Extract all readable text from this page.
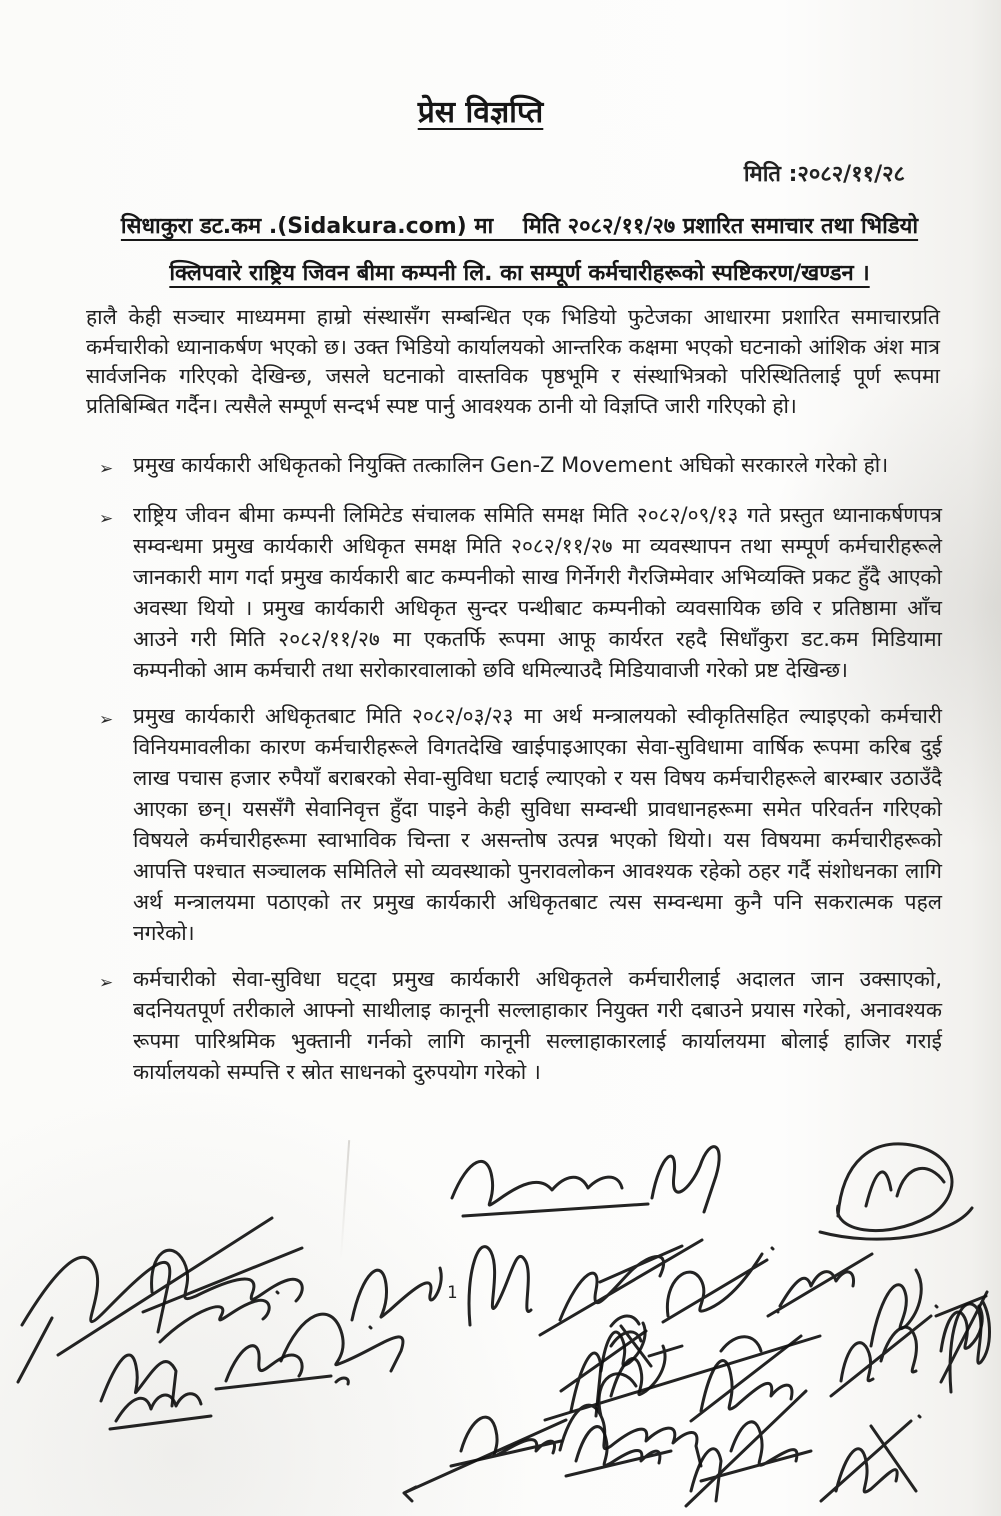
प्रेस विज्ञप्ति
मिति :२०८२/११/२८
सिधाकुरा डट.कम .(Sidakura.com) मा  मिति २०८२/११/२७ प्रशारित समाचार तथा भिडियो
क्लिपवारे राष्ट्रिय जिवन बीमा कम्पनी लि. का सम्पूर्ण कर्मचारीहरूको स्पष्टिकरण/खण्डन ।

हालै केही सञ्चार माध्यममा हाम्रो संस्थासँग सम्बन्धित एक भिडियो फुटेजका आधारमा प्रशारित समाचारप्रति कर्मचारीको ध्यानाकर्षण भएको छ। उक्त भिडियो कार्यालयको आन्तरिक कक्षमा भएको घटनाको आंशिक अंश मात्र सार्वजनिक गरिएको देखिन्छ, जसले घटनाको वास्तविक पृष्ठभूमि र संस्थाभित्रको परिस्थितिलाई पूर्ण रूपमा प्रतिबिम्बित गर्दैन। त्यसैले सम्पूर्ण सन्दर्भ स्पष्ट पार्नु आवश्यक ठानी यो विज्ञप्ति जारी गरिएको हो।

➢ प्रमुख कार्यकारी अधिकृतको नियुक्ति तत्कालिन Gen-Z Movement अघिको सरकारले गरेको हो।
➢ राष्ट्रिय जीवन बीमा कम्पनी लिमिटेड संचालक समिति समक्ष मिति २०८२/०९/१३ गते प्रस्तुत ध्यानाकर्षणपत्र सम्वन्धमा प्रमुख कार्यकारी अधिकृत समक्ष मिति २०८२/११/२७ मा व्यवस्थापन तथा सम्पूर्ण कर्मचारीहरूले जानकारी माग गर्दा प्रमुख कार्यकारी बाट कम्पनीको साख गिर्नेगरी गैरजिम्मेवार अभिव्यक्ति प्रकट हुँदै आएको अवस्था थियो । प्रमुख कार्यकारी अधिकृत सुन्दर पन्थीबाट कम्पनीको व्यवसायिक छवि र प्रतिष्ठामा आँच आउने गरी मिति २०८२/११/२७ मा एकतर्फि रूपमा आफू कार्यरत रहदै सिधाँकुरा डट.कम मिडियामा कम्पनीको आम कर्मचारी तथा सरोकारवालाको छवि धमिल्याउदै मिडियावाजी गरेको प्रष्ट देखिन्छ।
➢ प्रमुख कार्यकारी अधिकृतबाट मिति २०८२/०३/२३ मा अर्थ मन्त्रालयको स्वीकृतिसहित ल्याइएको कर्मचारी विनियमावलीका कारण कर्मचारीहरूले विगतदेखि खाईपाइआएका सेवा-सुविधामा वार्षिक रूपमा करिब दुई लाख पचास हजार रुपैयाँ बराबरको सेवा-सुविधा घटाई ल्याएको र यस विषय कर्मचारीहरूले बारम्बार उठाउँदै आएका छन्। यससँगै सेवानिवृत्त हुँदा पाइने केही सुविधा सम्वन्धी प्रावधानहरूमा समेत परिवर्तन गरिएको विषयले कर्मचारीहरूमा स्वाभाविक चिन्ता र असन्तोष उत्पन्न भएको थियो। यस विषयमा कर्मचारीहरूको आपत्ति पश्चात सञ्चालक समितिले सो व्यवस्थाको पुनरावलोकन आवश्यक रहेको ठहर गर्दै संशोधनका लागि अर्थ मन्त्रालयमा पठाएको तर प्रमुख कार्यकारी अधिकृतबाट त्यस सम्वन्धमा कुनै पनि सकरात्मक पहल नगरेको।
➢ कर्मचारीको सेवा-सुविधा घट्दा प्रमुख कार्यकारी अधिकृतले कर्मचारीलाई अदालत जान उक्साएको, बदनियतपूर्ण तरीकाले आफ्नो साथीलाइ कानूनी सल्लाहाकार नियुक्त गरी दबाउने प्रयास गरेको, अनावश्यक रूपमा पारिश्रमिक भुक्तानी गर्नको लागि कानूनी सल्लाहाकारलाई कार्यालयमा बोलाई हाजिर गराई कार्यालयको सम्पत्ति र स्रोत साधनको दुरुपयोग गरेको ।
1
